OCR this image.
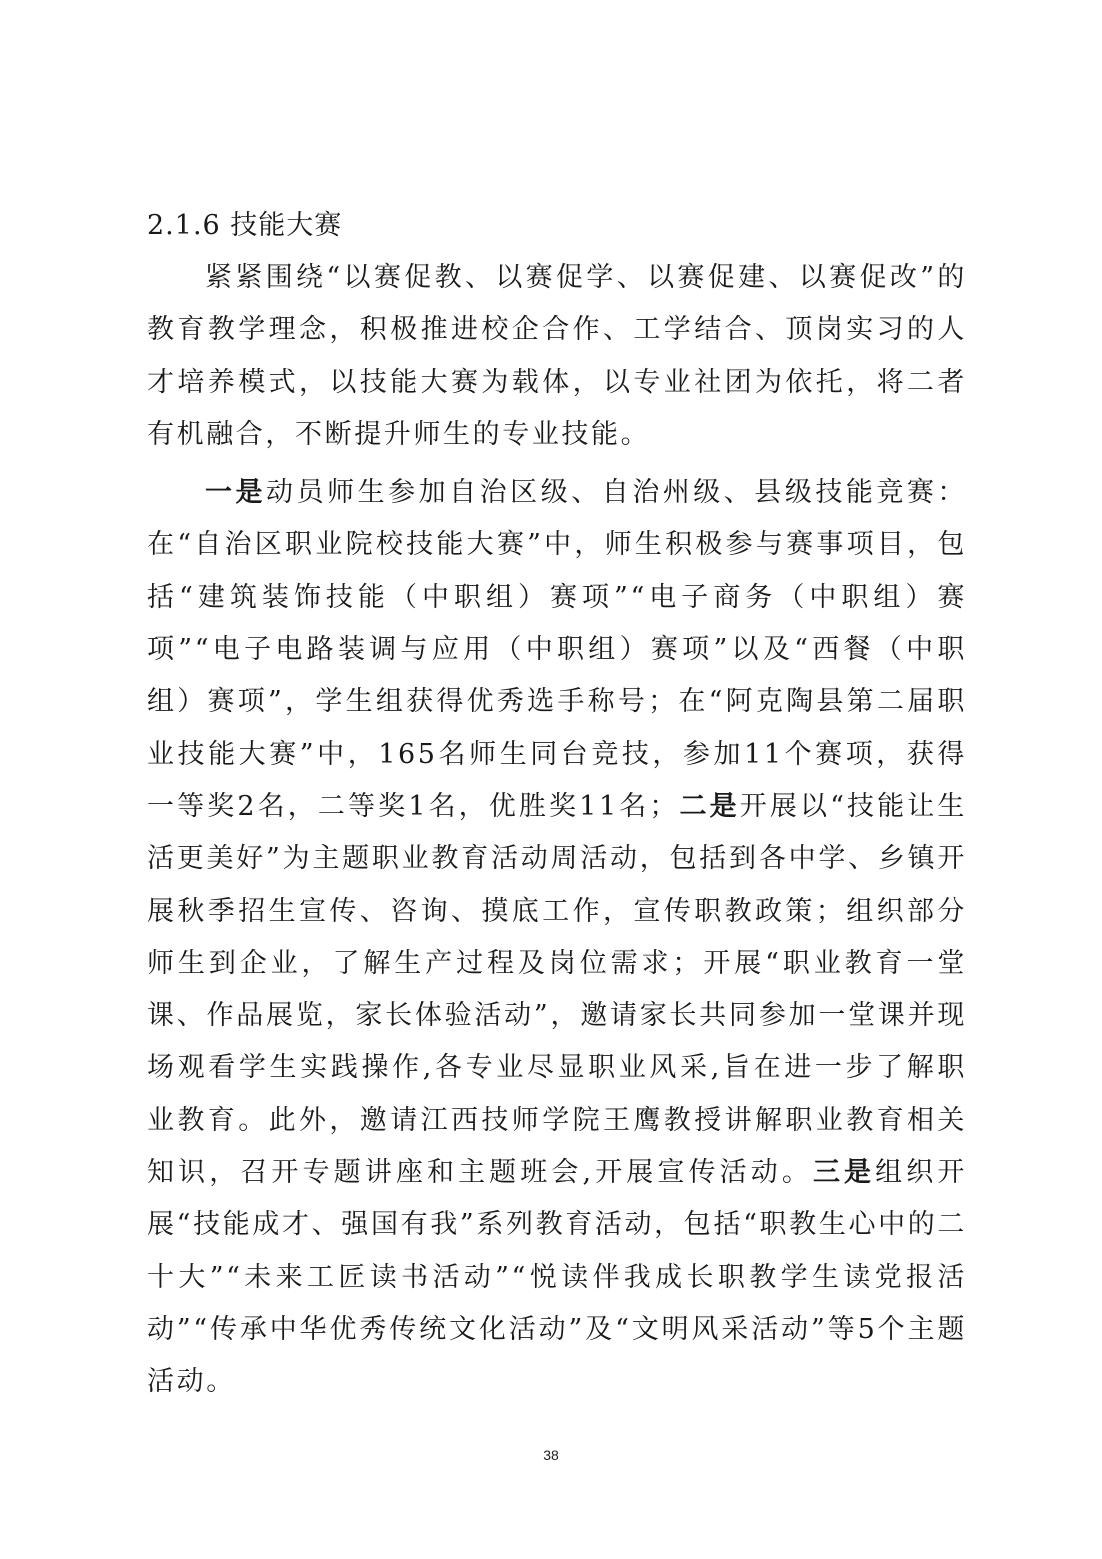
2.1.6 技能大赛

紧紧围绕“以赛促教、以赛促学、以赛促建、以赛促改”的教育教学理念，积极推进校企合作、工学结合、顶岗实习的人才培养模式，以技能大赛为载体，以专业社团为依托，将二者有机融合，不断提升师生的专业技能。

一是动员师生参加自治区级、自治州级、县级技能竞赛：在“自治区职业院校技能大赛”中，师生积极参与赛事项目，包括“建筑装饰技能（中职组）赛项”“电子商务（中职组）赛项”“电子电路装调与应用（中职组）赛项”以及“西餐（中职组）赛项”，学生组获得优秀选手称号；在“阿克陶县第二届职业技能大赛”中，165名师生同台竞技，参加11个赛项，获得一等奖2名，二等奖1名，优胜奖11名；二是开展以“技能让生活更美好”为主题职业教育活动周活动，包括到各中学、乡镇开展秋季招生宣传、咨询、摸底工作，宣传职教政策；组织部分师生到企业，了解生产过程及岗位需求；开展“职业教育一堂课、作品展览，家长体验活动”，邀请家长共同参加一堂课并现场观看学生实践操作,各专业尽显职业风采,旨在进一步了解职业教育。此外，邀请江西技师学院王鹰教授讲解职业教育相关知识，召开专题讲座和主题班会,开展宣传活动。三是组织开展“技能成才、强国有我”系列教育活动，包括“职教生心中的二十大”“未来工匠读书活动”“悦读伴我成长职教学生读党报活动”“传承中华优秀传统文化活动”及“文明风采活动”等5个主题活动。

38
